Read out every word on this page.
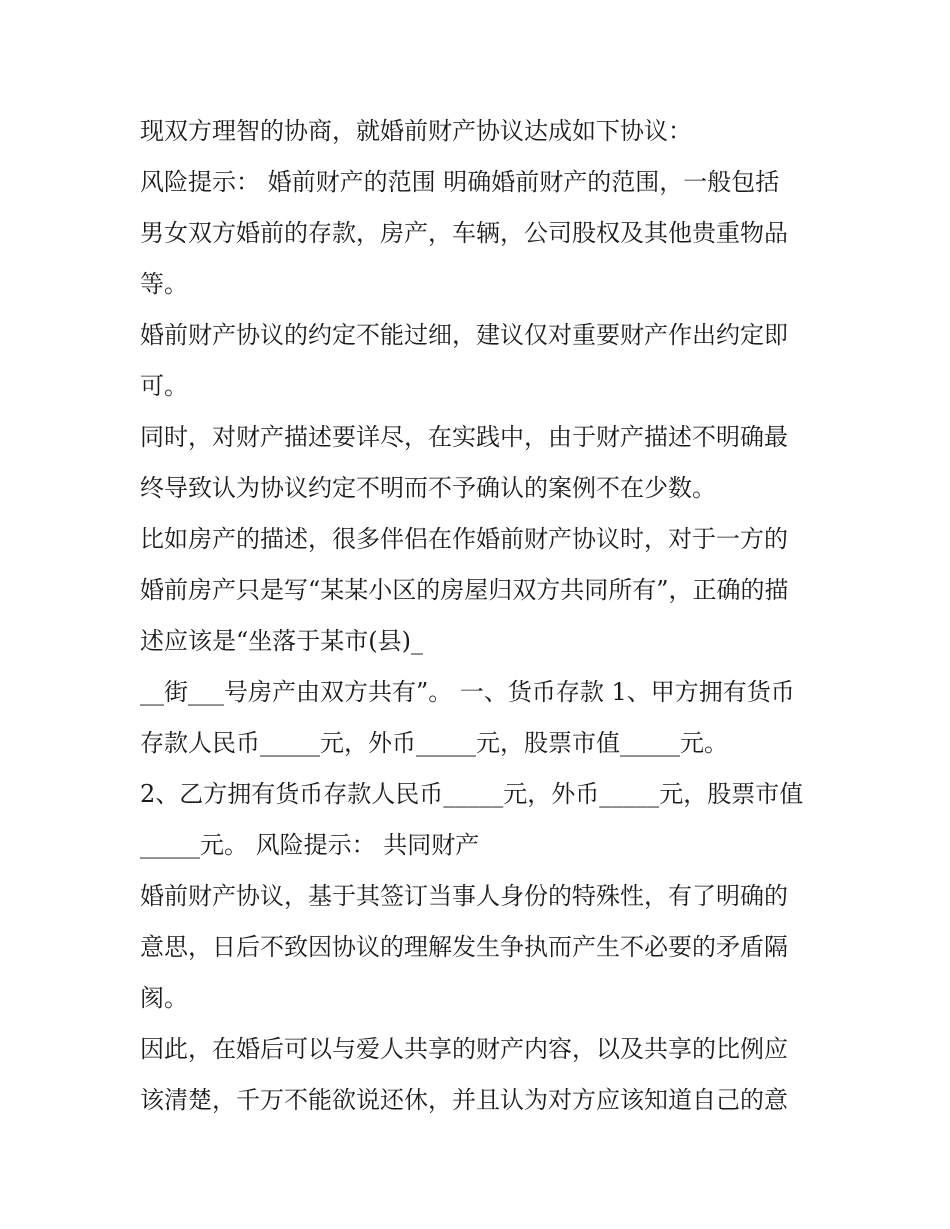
现双方理智的协商，就婚前财产协议达成如下协议：

风险提示： 婚前财产的范围 明确婚前财产的范围，一般包括

男女双方婚前的存款，房产，车辆，公司股权及其他贵重物品

等。

婚前财产协议的约定不能过细，建议仅对重要财产作出约定即

可。

同时，对财产描述要详尽，在实践中，由于财产描述不明确最

终导致认为协议约定不明而不予确认的案例不在少数。

比如房产的描述，很多伴侣在作婚前财产协议时，对于一方的

婚前房产只是写“某某小区的房屋归双方共同所有”，正确的描

述应该是“坐落于某市(县)_

__街___号房产由双方共有”。 一、货币存款 1、甲方拥有货币

存款人民币_____元，外币_____元，股票市值_____元。

2、乙方拥有货币存款人民币_____元，外币_____元，股票市值

_____元。 风险提示： 共同财产

婚前财产协议，基于其签订当事人身份的特殊性，有了明确的

意思，日后不致因协议的理解发生争执而产生不必要的矛盾隔

阂。

因此，在婚后可以与爱人共享的财产内容，以及共享的比例应

该清楚，千万不能欲说还休，并且认为对方应该知道自己的意
